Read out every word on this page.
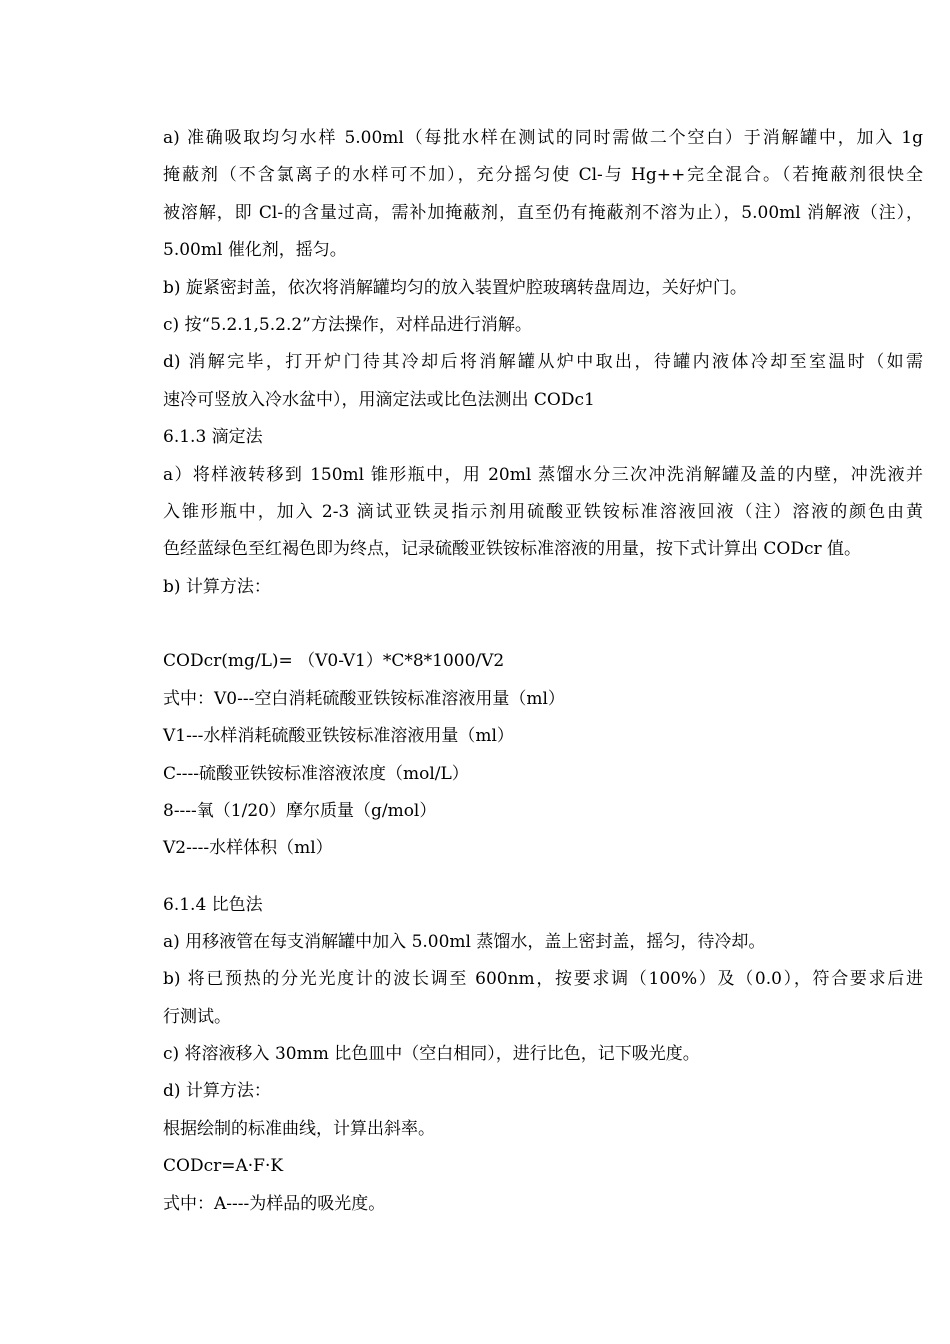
a) 准确吸取均匀水样 5.00ml（每批水样在测试的同时需做二个空白）于消解罐中，加入 1g
掩蔽剂（不含氯离子的水样可不加），充分摇匀使 Cl-与 Hg++完全混合。（若掩蔽剂很快全
被溶解，即 Cl-的含量过高，需补加掩蔽剂，直至仍有掩蔽剂不溶为止），5.00ml 消解液（注），
5.00ml 催化剂，摇匀。
b) 旋紧密封盖，依次将消解罐均匀的放入装置炉腔玻璃转盘周边，关好炉门。
c) 按“5.2.1,5.2.2”方法操作，对样品进行消解。
d) 消解完毕，打开炉门待其冷却后将消解罐从炉中取出，待罐内液体冷却至室温时（如需
速冷可竖放入冷水盆中），用滴定法或比色法测出 CODc1
6.1.3 滴定法
a）将样液转移到 150ml 锥形瓶中，用 20ml 蒸馏水分三次冲洗消解罐及盖的内壁，冲洗液并
入锥形瓶中，加入 2-3 滴试亚铁灵指示剂用硫酸亚铁铵标准溶液回液（注）溶液的颜色由黄
色经蓝绿色至红褐色即为终点，记录硫酸亚铁铵标准溶液的用量，按下式计算出 CODcr 值。
b) 计算方法：
CODcr(mg/L)= （V0-V1）*C*8*1000/V2
式中：V0---空白消耗硫酸亚铁铵标准溶液用量（ml）
V1---水样消耗硫酸亚铁铵标准溶液用量（ml）
C----硫酸亚铁铵标准溶液浓度（mol/L）
8----氧（1/20）摩尔质量（g/mol）
V2----水样体积（ml）
6.1.4 比色法
a) 用移液管在每支消解罐中加入 5.00ml 蒸馏水，盖上密封盖，摇匀，待冷却。
b) 将已预热的分光光度计的波长调至 600nm，按要求调（100%）及（0.0），符合要求后进
行测试。
c) 将溶液移入 30mm 比色皿中（空白相同），进行比色，记下吸光度。
d) 计算方法：
根据绘制的标准曲线，计算出斜率。
CODcr=A·F·K
式中：A----为样品的吸光度。
